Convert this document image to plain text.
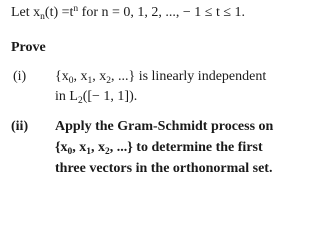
Let $x_n(t) =t^n$ for n = 0, 1, 2, ..., − 1 ≤ t ≤ 1.
Prove
(i) {$x_0$, $x_1$, $x_2$, ...} is linearly independent
in $L_2([- 1$, 1]).
(ii) Apply the Gram-Schmidt process on
{$x_0$, $x_1$, $x_2$, ...} to determine the first
three vectors in the orthonormal set.
